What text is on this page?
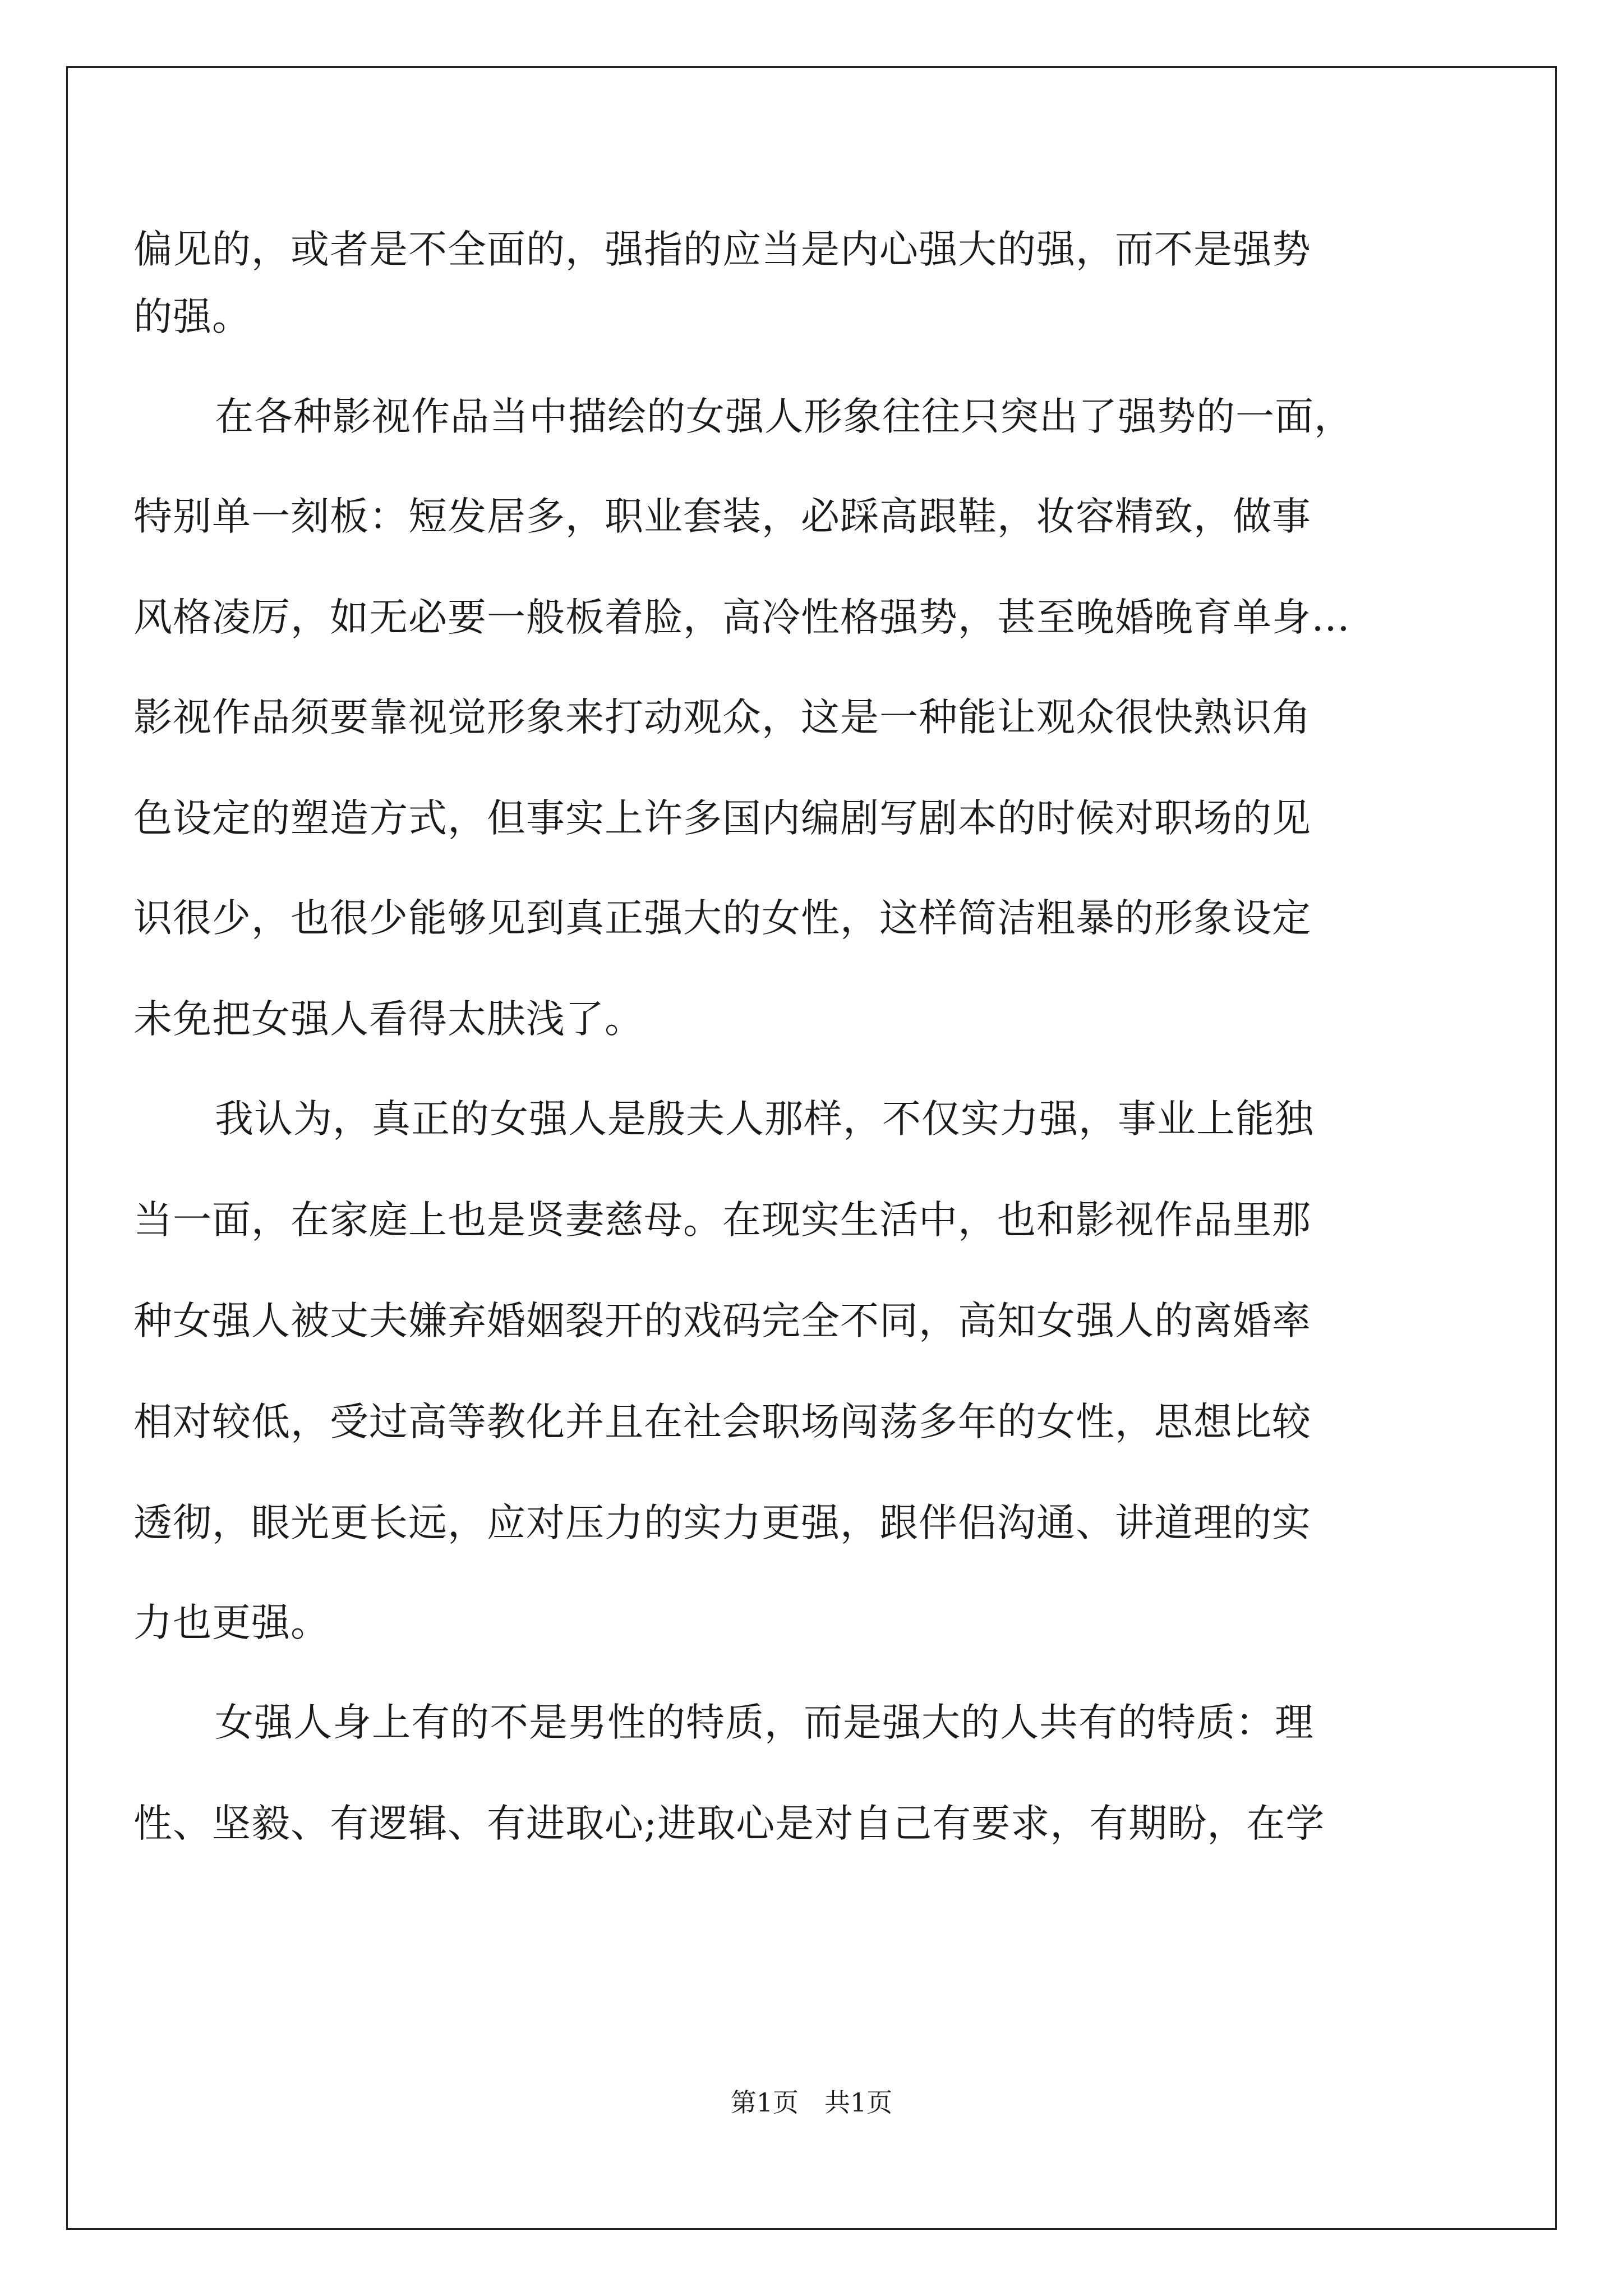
偏见的，或者是不全面的，强指的应当是内心强大的强，而不是强势
的强。
在各种影视作品当中描绘的女强人形象往往只突出了强势的一面，
特别单一刻板：短发居多，职业套装，必踩高跟鞋，妆容精致，做事
风格凌厉，如无必要一般板着脸，高冷性格强势，甚至晚婚晚育单身…
影视作品须要靠视觉形象来打动观众，这是一种能让观众很快熟识角
色设定的塑造方式，但事实上许多国内编剧写剧本的时候对职场的见
识很少，也很少能够见到真正强大的女性，这样简洁粗暴的形象设定
未免把女强人看得太肤浅了。
我认为，真正的女强人是殷夫人那样，不仅实力强，事业上能独
当一面，在家庭上也是贤妻慈母。在现实生活中，也和影视作品里那
种女强人被丈夫嫌弃婚姻裂开的戏码完全不同，高知女强人的离婚率
相对较低，受过高等教化并且在社会职场闯荡多年的女性，思想比较
透彻，眼光更长远，应对压力的实力更强，跟伴侣沟通、讲道理的实
力也更强。
女强人身上有的不是男性的特质，而是强大的人共有的特质：理
性、坚毅、有逻辑、有进取心;进取心是对自己有要求，有期盼，在学
第1页　共1页
